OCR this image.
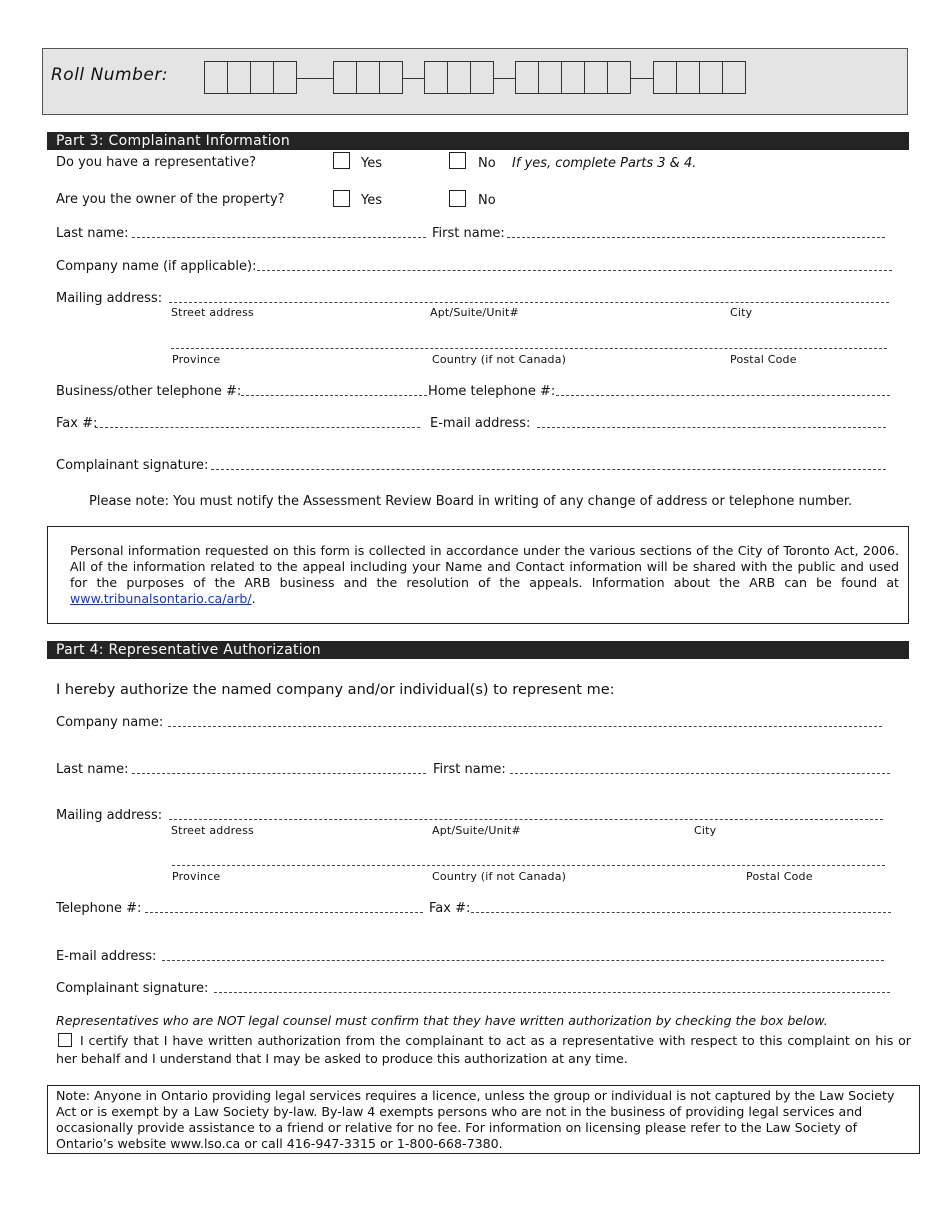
Roll Number:
Part 3: Complainant Information
Do you have a representative?	Yes	No If yes, complete Parts 3 & 4.
Are you the owner of the property?	Yes	No
Last name:	First name:
Company name (if applicable):
Mailing address:
Street address	Apt/Suite/Unit#	City
Province	Country (if not Canada)	Postal Code
Business/other telephone #:	Home telephone #:
Fax #:	E-mail address:
Complainant signature:
Please note: You must notify the Assessment Review Board in writing of any change of address or telephone number.
Personal information requested on this form is collected in accordance under the various sections of the City of Toronto Act, 2006. All of the information related to the appeal including your Name and Contact information will be shared with the public and used for the purposes of the ARB business and the resolution of the appeals. Information about the ARB can be found at www.tribunalsontario.ca/arb/.
Part 4: Representative Authorization
I hereby authorize the named company and/or individual(s) to represent me:
Company name:
Last name:	First name:
Mailing address:
Street address	Apt/Suite/Unit#	City
Province	Country (if not Canada)	Postal Code
Telephone #:	Fax #:
E-mail address:
Complainant signature:
Representatives who are NOT legal counsel must confirm that they have written authorization by checking the box below.
I certify that I have written authorization from the complainant to act as a representative with respect to this complaint on his or her behalf and I understand that I may be asked to produce this authorization at any time.
Note: Anyone in Ontario providing legal services requires a licence, unless the group or individual is not captured by the Law Society Act or is exempt by a Law Society by-law. By-law 4 exempts persons who are not in the business of providing legal services and occasionally provide assistance to a friend or relative for no fee. For information on licensing please refer to the Law Society of Ontario’s website www.lso.ca or call 416-947-3315 or 1-800-668-7380.
